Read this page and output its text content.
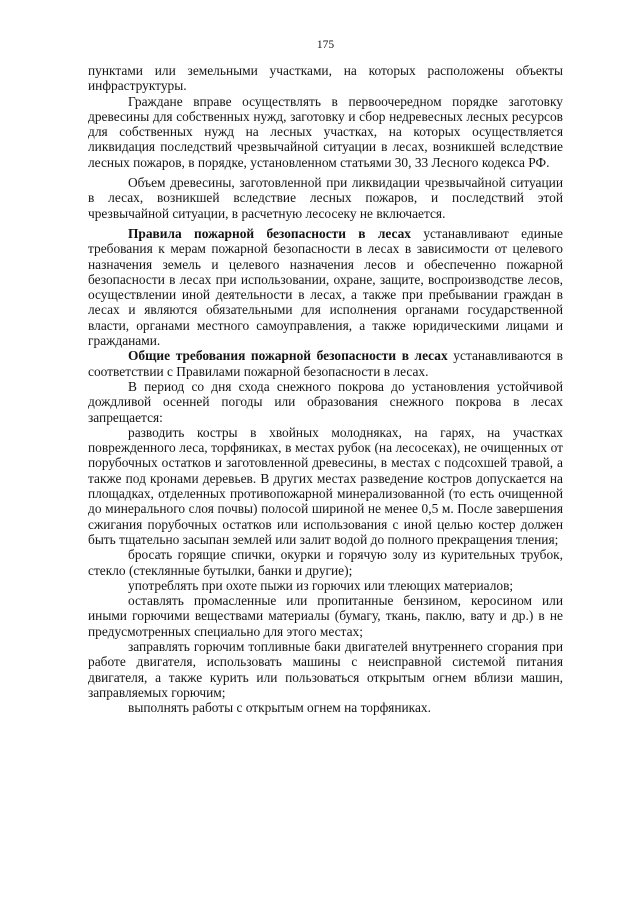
175

пунктами или земельными участками, на которых расположены объекты инфраструктуры.

Граждане вправе осуществлять в первоочередном порядке заготовку древесины для собственных нужд, заготовку и сбор недревесных лесных ресурсов для собственных нужд на лесных участках, на которых осуществляется ликвидация последствий чрезвычайной ситуации в лесах, возникшей вследствие лесных пожаров, в порядке, установленном статьями 30, 33 Лесного кодекса РФ.

Объем древесины, заготовленной при ликвидации чрезвычайной ситуации в лесах, возникшей вследствие лесных пожаров, и последствий этой чрезвычайной ситуации, в расчетную лесосеку не включается.

Правила пожарной безопасности в лесах устанавливают единые требования к мерам пожарной безопасности в лесах в зависимости от целевого назначения земель и целевого назначения лесов и обеспеченно пожарной безопасности в лесах при использовании, охране, защите, воспроизводстве лесов, осуществлении иной деятельности в лесах, а также при пребывании граждан в лесах и являются обязательными для исполнения органами государственной власти, органами местного самоуправления, а также юридическими лицами и гражданами.

Общие требования пожарной безопасности в лесах устанавливаются в соответствии с Правилами пожарной безопасности в лесах.

В период со дня схода снежного покрова до установления устойчивой дождливой осенней погоды или образования снежного покрова в лесах запрещается:

разводить костры в хвойных молодняках, на гарях, на участках поврежденного леса, торфяниках, в местах рубок (на лесосеках), не очищенных от порубочных остатков и заготовленной древесины, в местах с подсохшей травой, а также под кронами деревьев. В других местах разведение костров допускается на площадках, отделенных противопожарной минерализованной (то есть очищенной до минерального слоя почвы) полосой шириной не менее 0,5 м. После завершения сжигания порубочных остатков или использования с иной целью костер должен быть тщательно засыпан землей или залит водой до полного прекращения тления;

бросать горящие спички, окурки и горячую золу из курительных трубок, стекло (стеклянные бутылки, банки и другие);

употреблять при охоте пыжи из горючих или тлеющих материалов;

оставлять промасленные или пропитанные бензином, керосином или иными горючими веществами материалы (бумагу, ткань, паклю, вату и др.) в не предусмотренных специально для этого местах;

заправлять горючим топливные баки двигателей внутреннего сгорания при работе двигателя, использовать машины с неисправной системой питания двигателя, а также курить или пользоваться открытым огнем вблизи машин, заправляемых горючим;

выполнять работы с открытым огнем на торфяниках.
